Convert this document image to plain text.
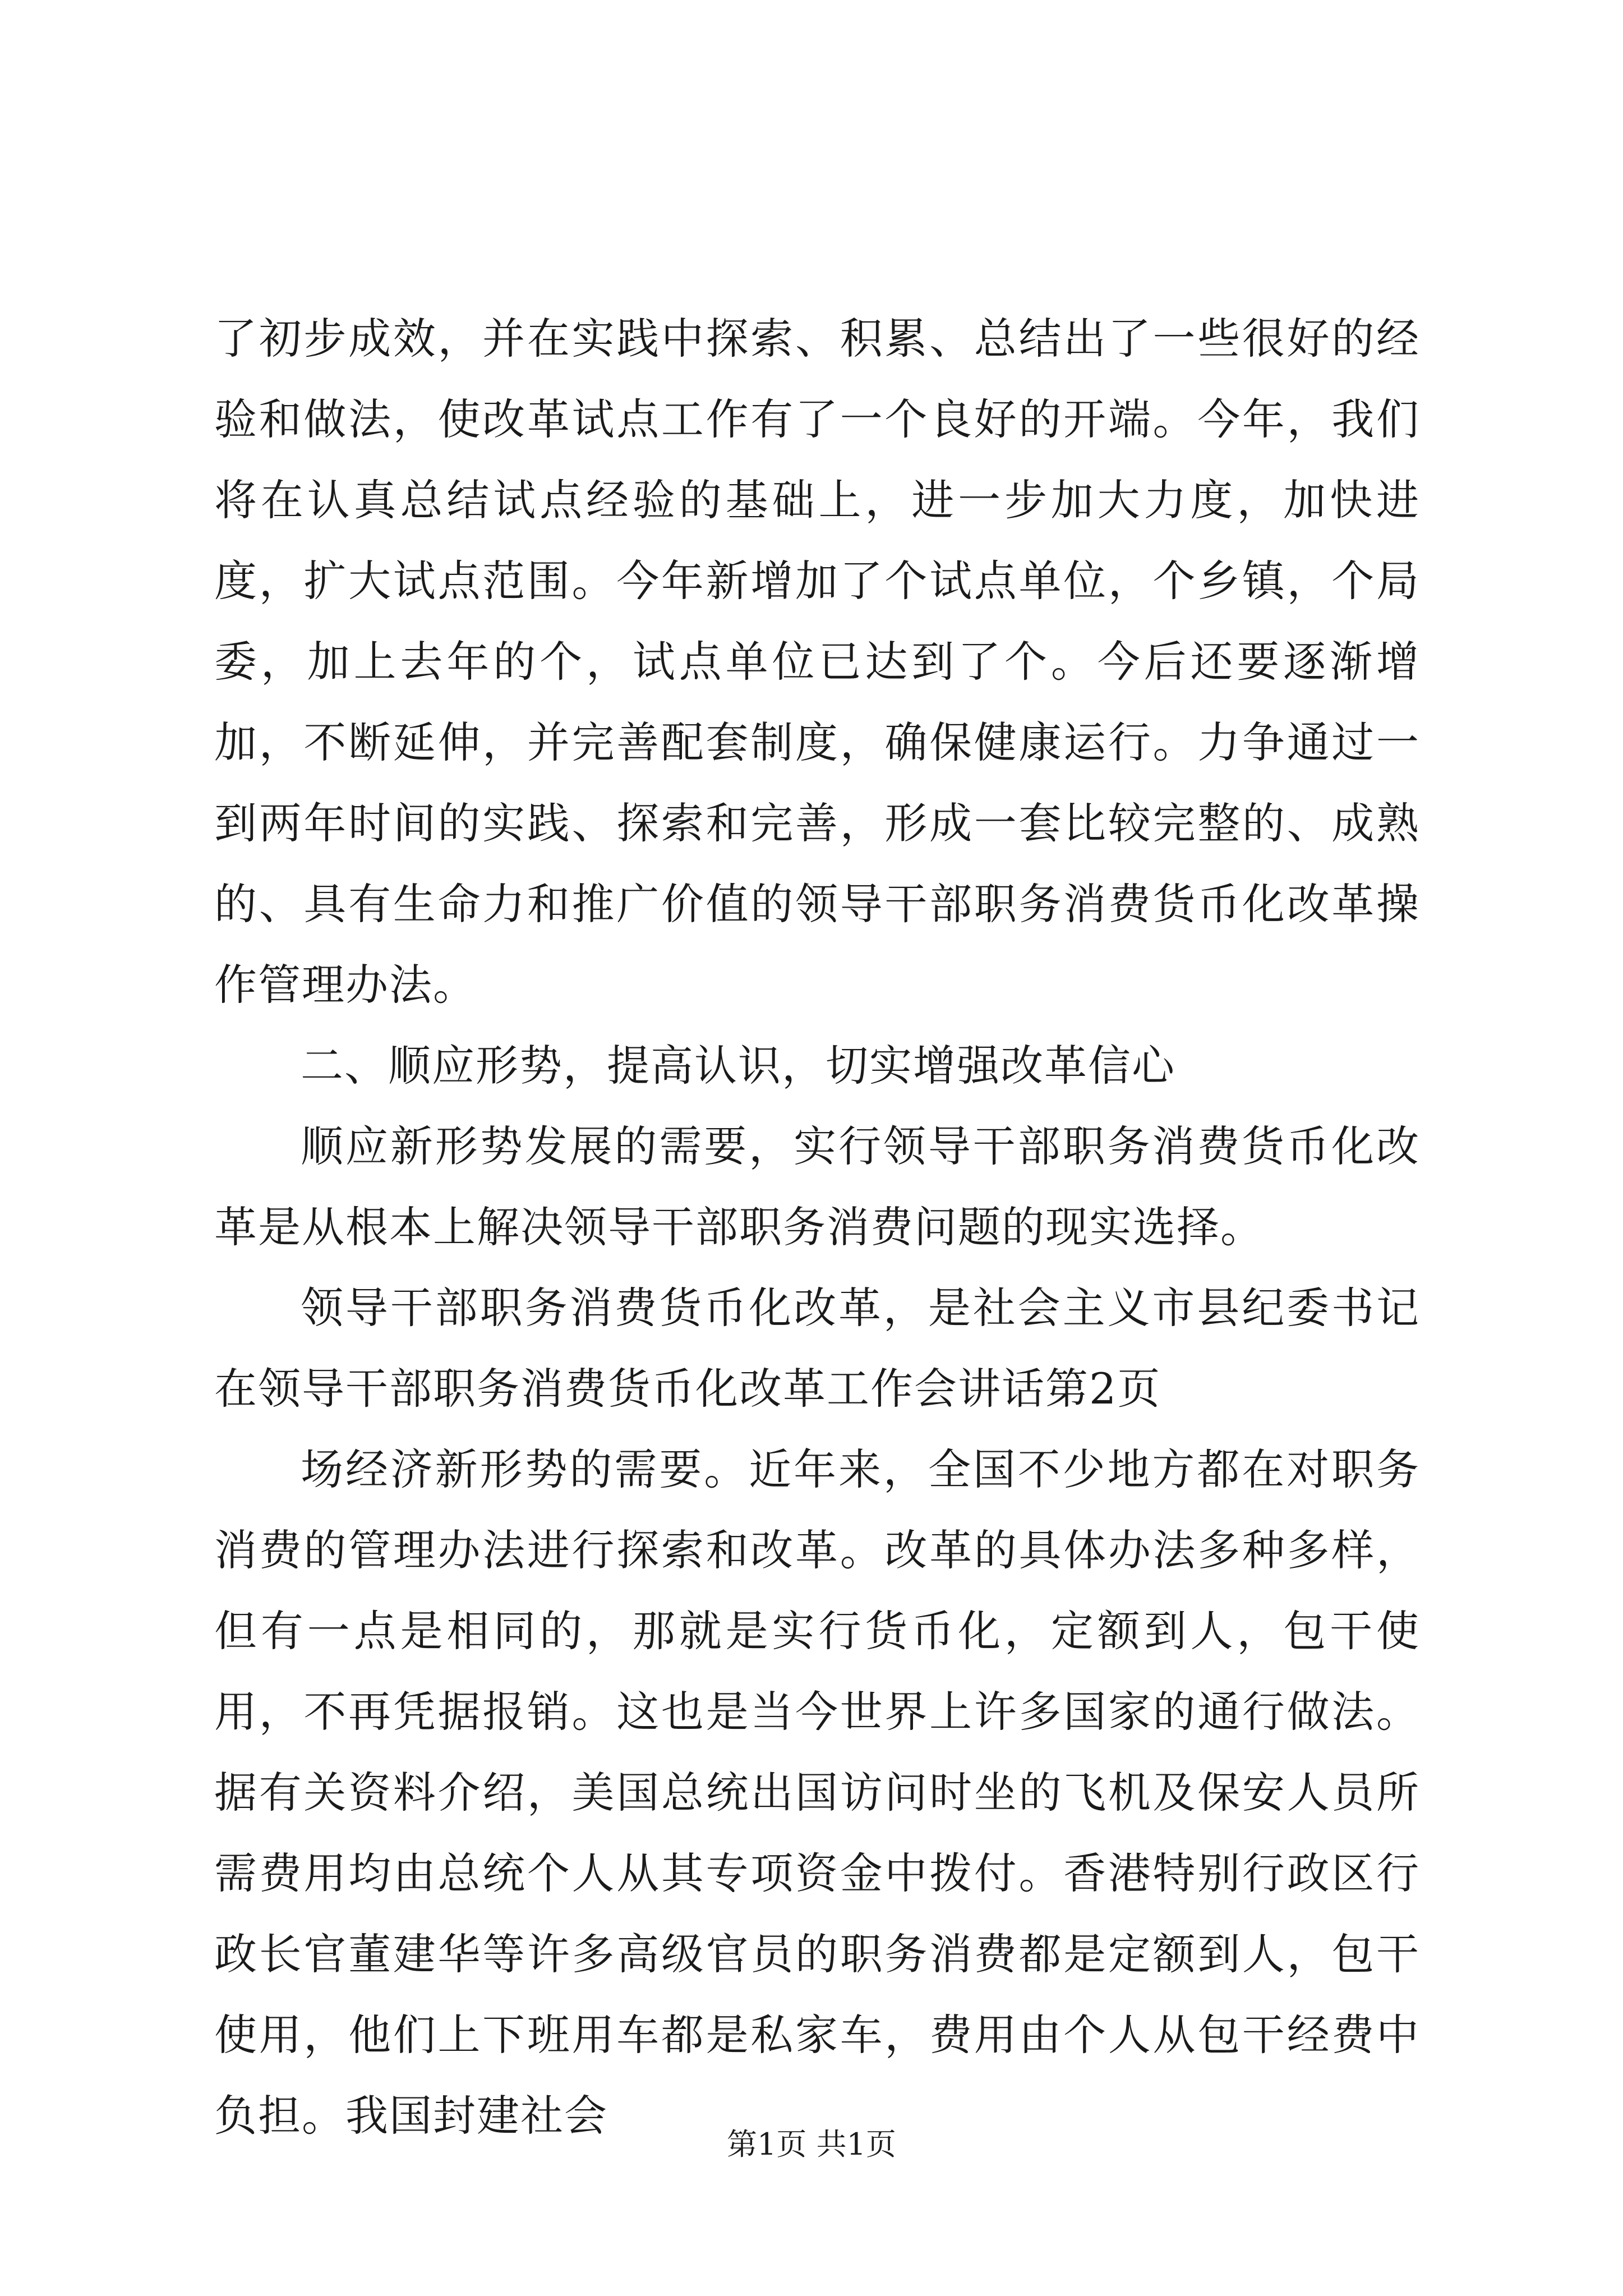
了初步成效，并在实践中探索、积累、总结出了一些很好的经验和做法，使改革试点工作有了一个良好的开端。今年，我们将在认真总结试点经验的基础上，进一步加大力度，加快进度，扩大试点范围。今年新增加了个试点单位，个乡镇，个局委，加上去年的个，试点单位已达到了个。今后还要逐渐增加，不断延伸，并完善配套制度，确保健康运行。力争通过一到两年时间的实践、探索和完善，形成一套比较完整的、成熟的、具有生命力和推广价值的领导干部职务消费货币化改革操作管理办法。

二、顺应形势，提高认识，切实增强改革信心

顺应新形势发展的需要，实行领导干部职务消费货币化改革是从根本上解决领导干部职务消费问题的现实选择。

领导干部职务消费货币化改革，是社会主义市县纪委书记在领导干部职务消费货币化改革工作会讲话第2页

场经济新形势的需要。近年来，全国不少地方都在对职务消费的管理办法进行探索和改革。改革的具体办法多种多样，但有一点是相同的，那就是实行货币化，定额到人，包干使用，不再凭据报销。这也是当今世界上许多国家的通行做法。据有关资料介绍，美国总统出国访问时坐的飞机及保安人员所需费用均由总统个人从其专项资金中拨付。香港特别行政区行政长官董建华等许多高级官员的职务消费都是定额到人，包干使用，他们上下班用车都是私家车，费用由个人从包干经费中负担。我国封建社会

第1页 共1页
